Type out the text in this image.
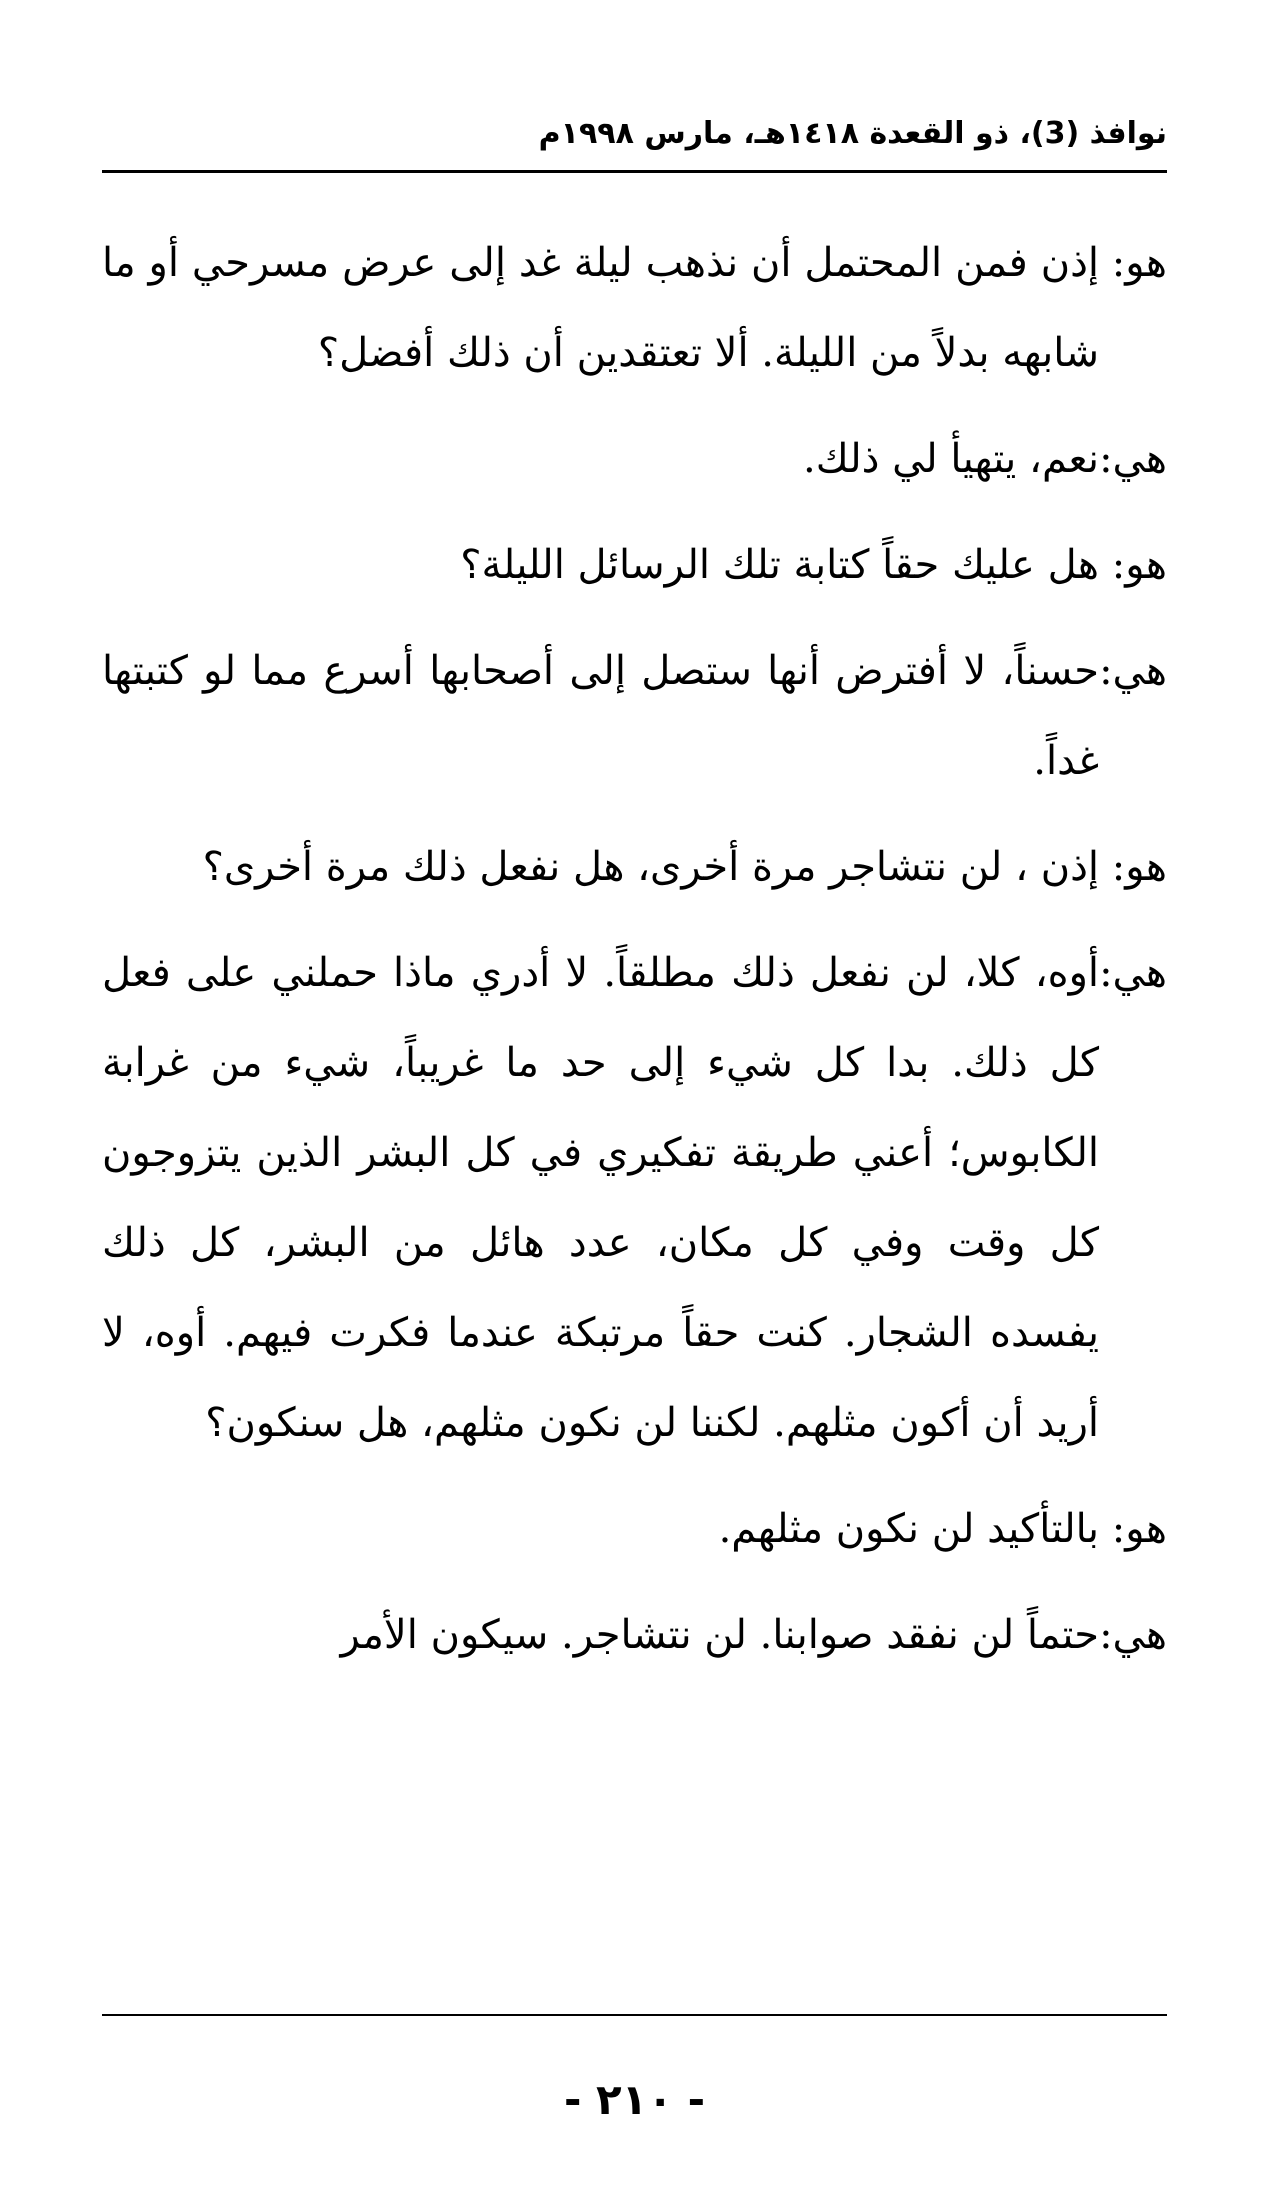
نوافذ (3)، ذو القعدة ١٤١٨هـ، مارس ١٩٩٨م
هو:
إذن فمن المحتمل أن نذهب ليلة غد إلى عرض مسرحي أو ما شابهه بدلاً من الليلة. ألا تعتقدين أن ذلك أفضل؟
هي:
نعم، يتهيأ لي ذلك.
هو:
هل عليك حقاً كتابة تلك الرسائل الليلة؟
هي:
حسناً، لا أفترض أنها ستصل إلى أصحابها أسرع مما لو كتبتها غداً.
هو:
إذن ، لن نتشاجر مرة أخرى، هل نفعل ذلك مرة أخرى؟
هي:
أوه، كلا، لن نفعل ذلك مطلقاً. لا أدري ماذا حملني على فعل كل ذلك. بدا كل شيء إلى حد ما غريباً، شيء من غرابة الكابوس؛ أعني طريقة تفكيري في كل البشر الذين يتزوجون كل وقت وفي كل مكان، عدد هائل من البشر، كل ذلك يفسده الشجار. كنت حقاً مرتبكة عندما فكرت فيهم. أوه، لا أريد أن أكون مثلهم. لكننا لن نكون مثلهم، هل سنكون؟
هو:
بالتأكيد لن نكون مثلهم.
هي:
حتماً لن نفقد صوابنا. لن نتشاجر. سيكون الأمر
- ٢١٠ -
